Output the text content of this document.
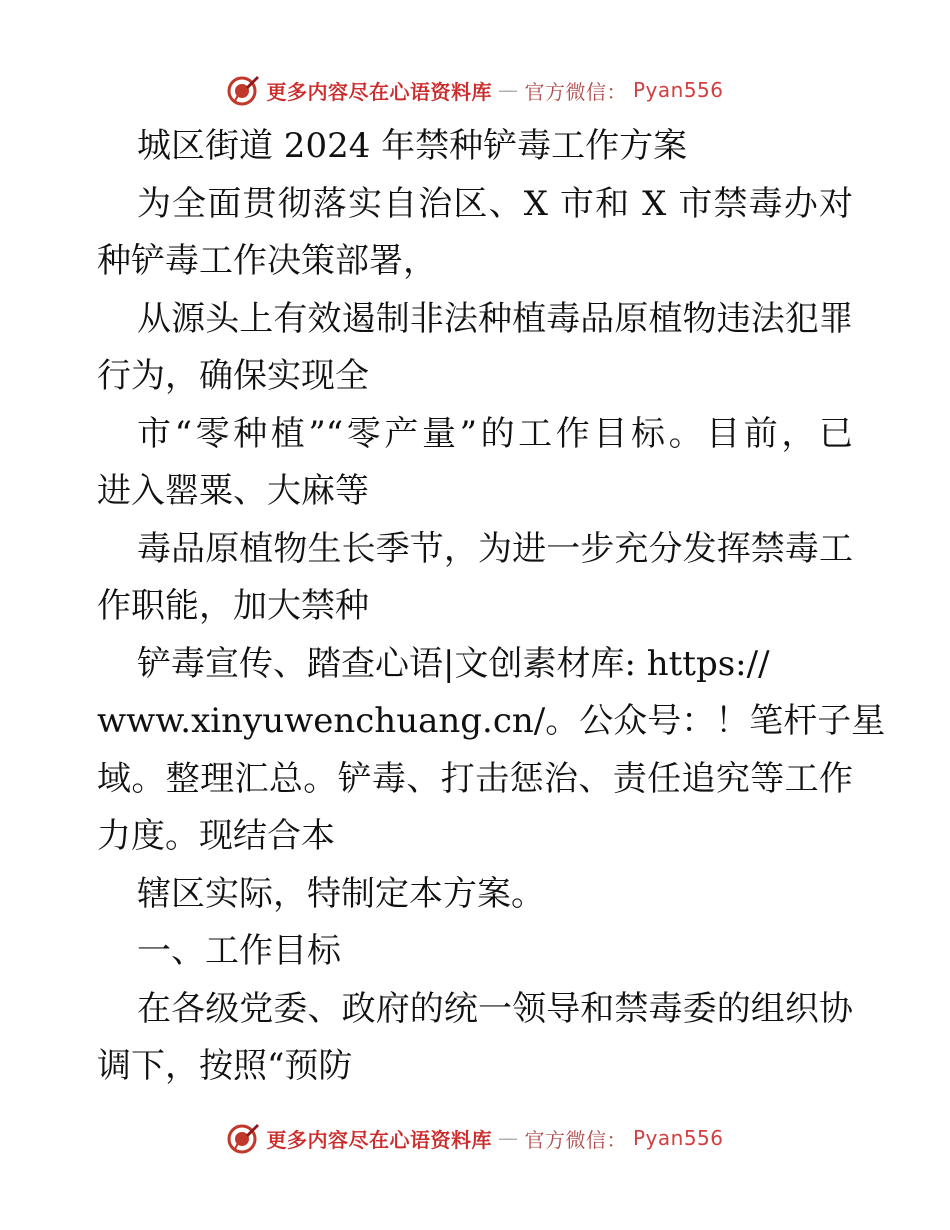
更多内容尽在心语资料库 — 官方微信： Pyan556
城区街道 2024 年禁种铲毒工作方案
为全面贯彻落实自治区、X 市和 X 市禁毒办对
种铲毒工作决策部署，
从源头上有效遏制非法种植毒品原植物违法犯罪
行为，确保实现全
市“零种植”“零产量”的工作目标。目前，已
进入罂粟、大麻等
毒品原植物生长季节，为进一步充分发挥禁毒工
作职能，加大禁种
铲毒宣传、踏查心语|文创素材库: https://
www.xinyuwenchuang.cn/。公众号：！笔杆子星
域。整理汇总。铲毒、打击惩治、责任追究等工作
力度。现结合本
辖区实际，特制定本方案。
一、工作目标
在各级党委、政府的统一领导和禁毒委的组织协
调下，按照“预防
更多内容尽在心语资料库 — 官方微信： Pyan556
